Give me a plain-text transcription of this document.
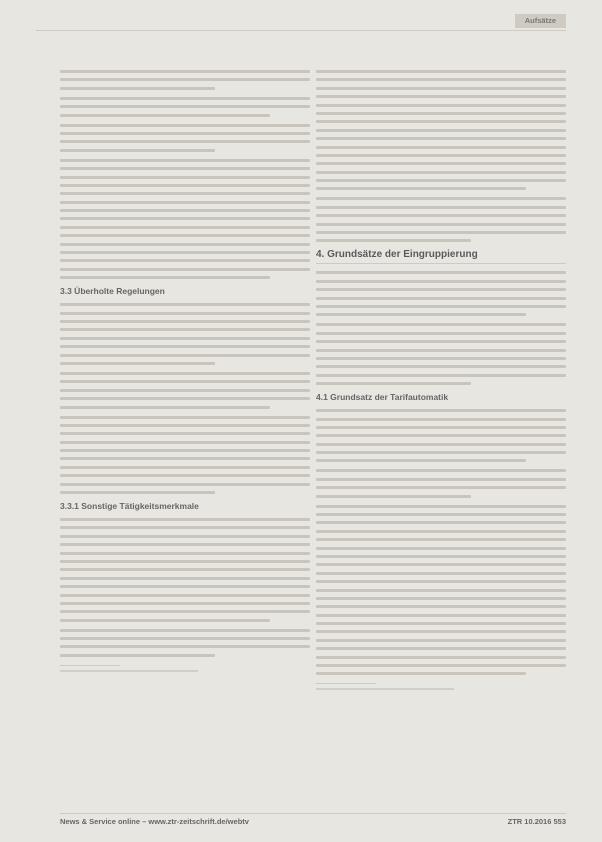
Aufsätze
3.3 Überholte Regelungen
3.3.1 Sonstige Tätigkeitsmerkmale
4. Grundsätze der Eingruppierung
4.1 Grundsatz der Tarifautomatik
News & Service online – www.ztr-zeitschrift.de/webtv	ZTR 10.2016 553
